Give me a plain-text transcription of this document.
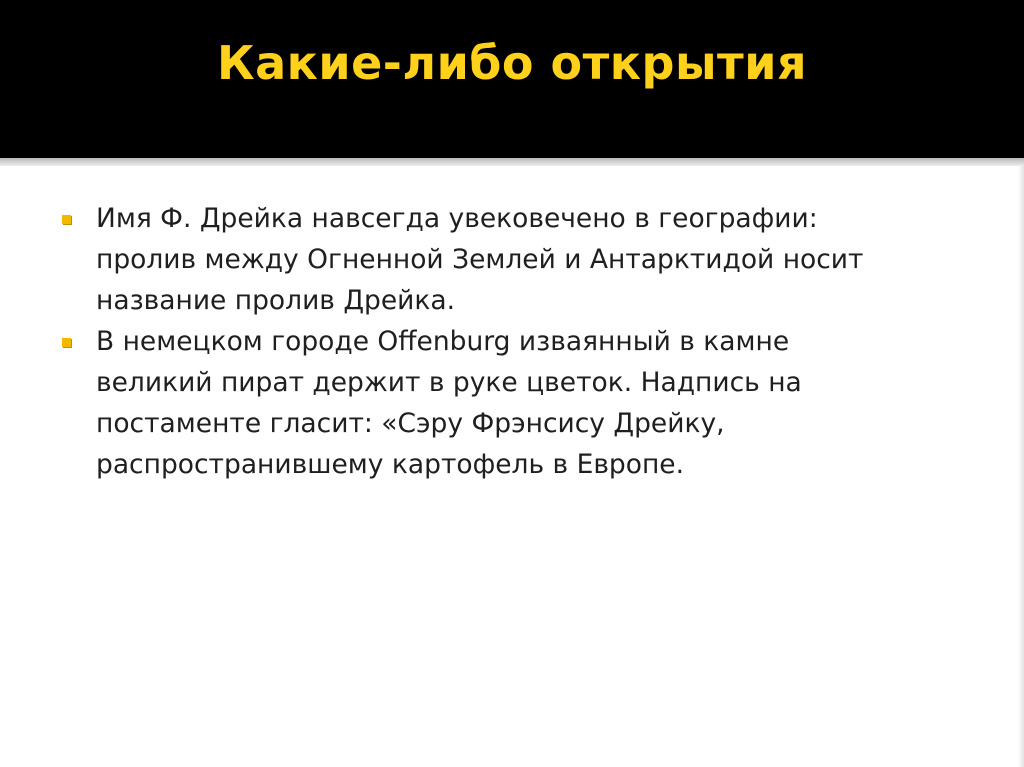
Какие-либо открытия
Имя Ф. Дрейка навсегда увековечено в географии: пролив между Огненной Землей и Антарктидой носит название пролив Дрейка.
В немецком городе Offenburg изваянный в камне великий пират держит в руке цветок. Надпись на постаменте гласит: «Сэру Фрэнсису Дрейку, распространившему картофель в Европе.
